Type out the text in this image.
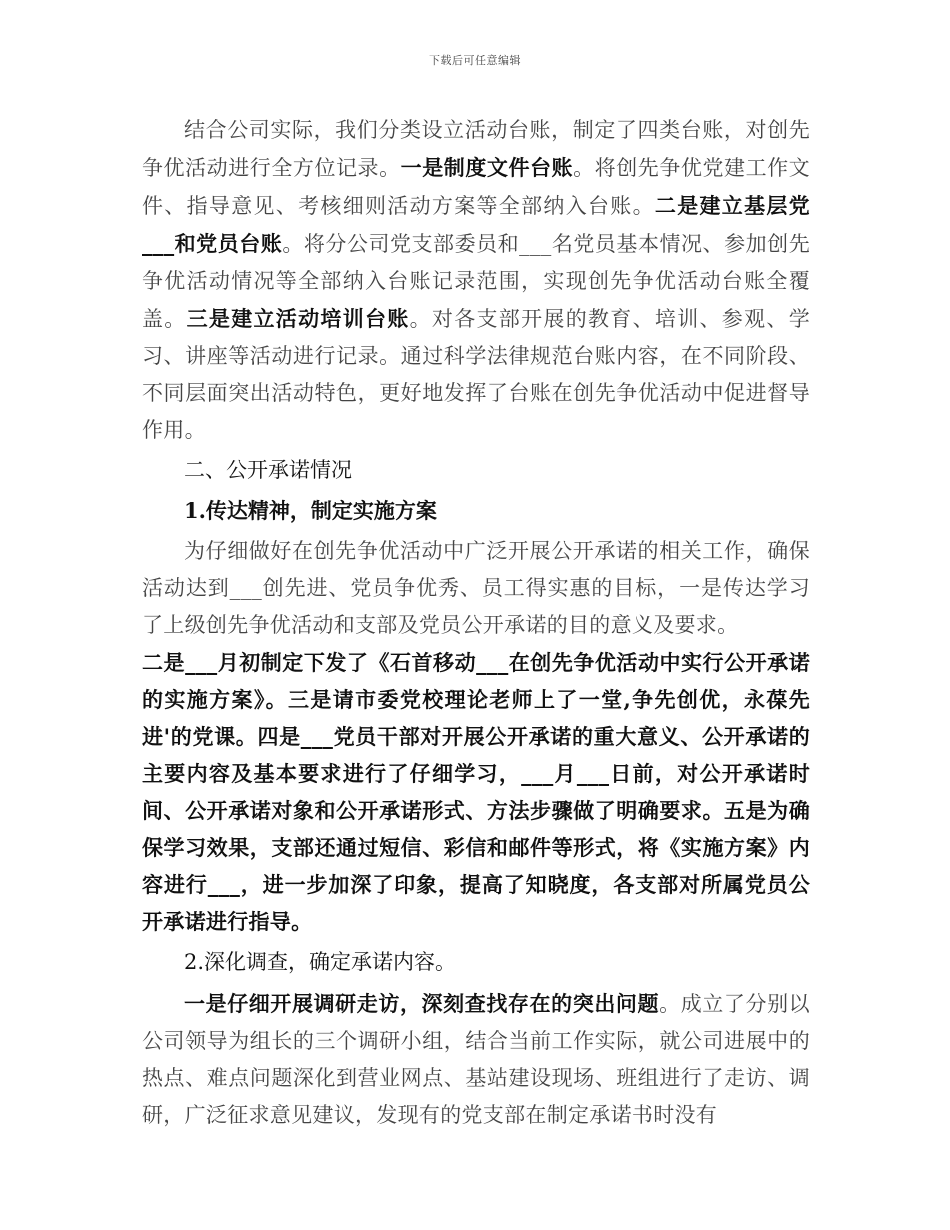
下载后可任意编辑

结合公司实际，我们分类设立活动台账，制定了四类台账，对创先争优活动进行全方位记录。一是制度文件台账。将创先争优党建工作文件、指导意见、考核细则活动方案等全部纳入台账。二是建立基层党___和党员台账。将分公司党支部委员和___名党员基本情况、参加创先争优活动情况等全部纳入台账记录范围，实现创先争优活动台账全覆盖。三是建立活动培训台账。对各支部开展的教育、培训、参观、学习、讲座等活动进行记录。通过科学法律规范台账内容，在不同阶段、不同层面突出活动特色，更好地发挥了台账在创先争优活动中促进督导作用。

二、公开承诺情况

1.传达精神，制定实施方案

为仔细做好在创先争优活动中广泛开展公开承诺的相关工作，确保活动达到___创先进、党员争优秀、员工得实惠的目标，一是传达学习了上级创先争优活动和支部及党员公开承诺的目的意义及要求。

二是___月初制定下发了《石首移动___在创先争优活动中实行公开承诺的实施方案》。三是请市委党校理论老师上了一堂,争先创优，永葆先进'的党课。四是___党员干部对开展公开承诺的重大意义、公开承诺的主要内容及基本要求进行了仔细学习，___月___日前，对公开承诺时间、公开承诺对象和公开承诺形式、方法步骤做了明确要求。五是为确保学习效果，支部还通过短信、彩信和邮件等形式，将《实施方案》内容进行___，进一步加深了印象，提高了知晓度，各支部对所属党员公开承诺进行指导。

2.深化调查，确定承诺内容。

一是仔细开展调研走访，深刻查找存在的突出问题。成立了分别以公司领导为组长的三个调研小组，结合当前工作实际，就公司进展中的热点、难点问题深化到营业网点、基站建设现场、班组进行了走访、调研，广泛征求意见建议，发现有的党支部在制定承诺书时没有
